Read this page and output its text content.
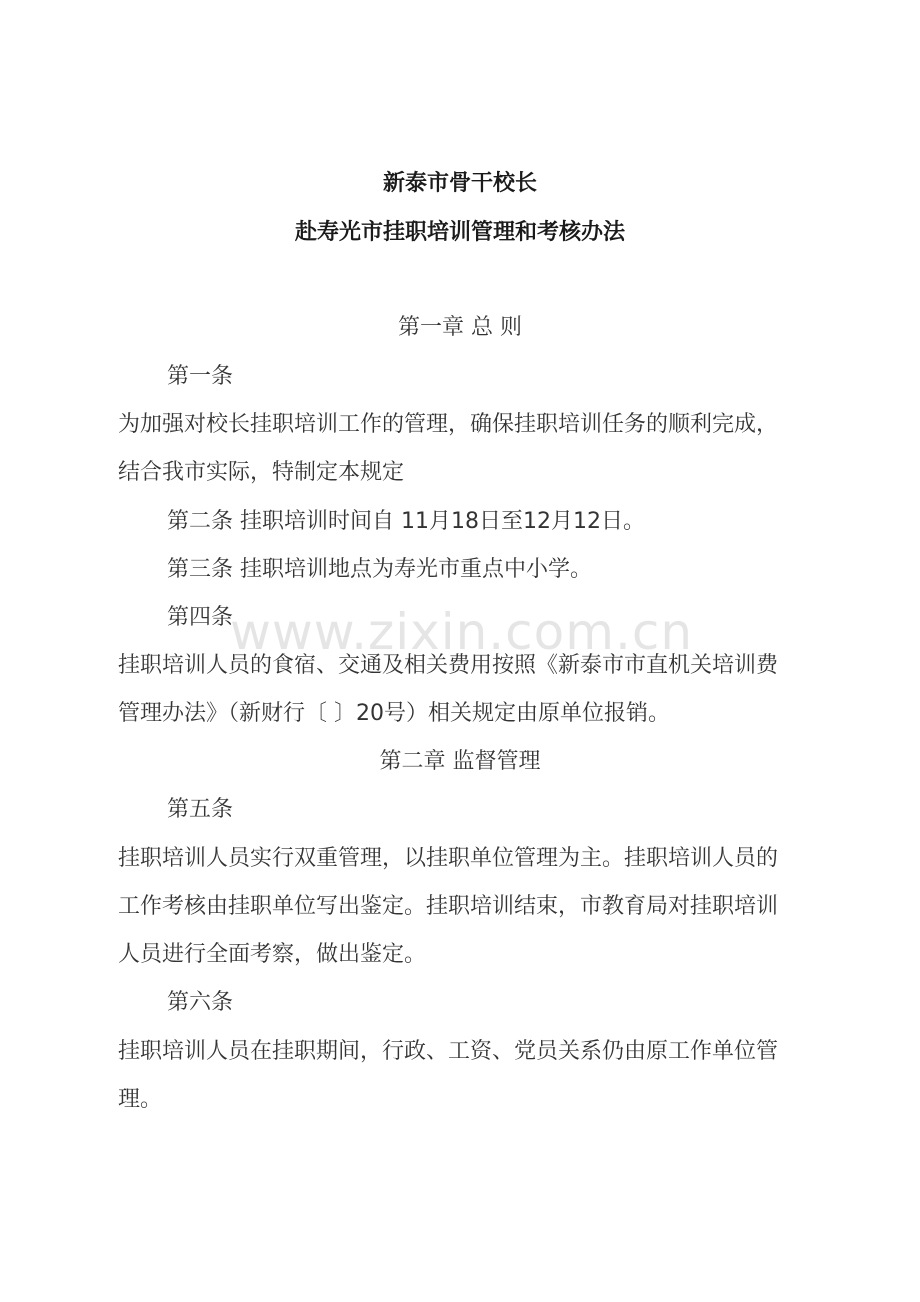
新泰市骨干校长
赴寿光市挂职培训管理和考核办法
第一章 总 则
第一条
为加强对校长挂职培训工作的管理，确保挂职培训任务的顺利完成，
结合我市实际，特制定本规定
第二条 挂职培训时间自 11月18日至12月12日。
第三条 挂职培训地点为寿光市重点中小学。
第四条
挂职培训人员的食宿、交通及相关费用按照《新泰市市直机关培训费
管理办法》（新财行〔 〕20号）相关规定由原单位报销。
第二章 监督管理
第五条
挂职培训人员实行双重管理，以挂职单位管理为主。挂职培训人员的
工作考核由挂职单位写出鉴定。挂职培训结束，市教育局对挂职培训
人员进行全面考察，做出鉴定。
第六条
挂职培训人员在挂职期间，行政、工资、党员关系仍由原工作单位管
理。
www.zixin.com.cn
